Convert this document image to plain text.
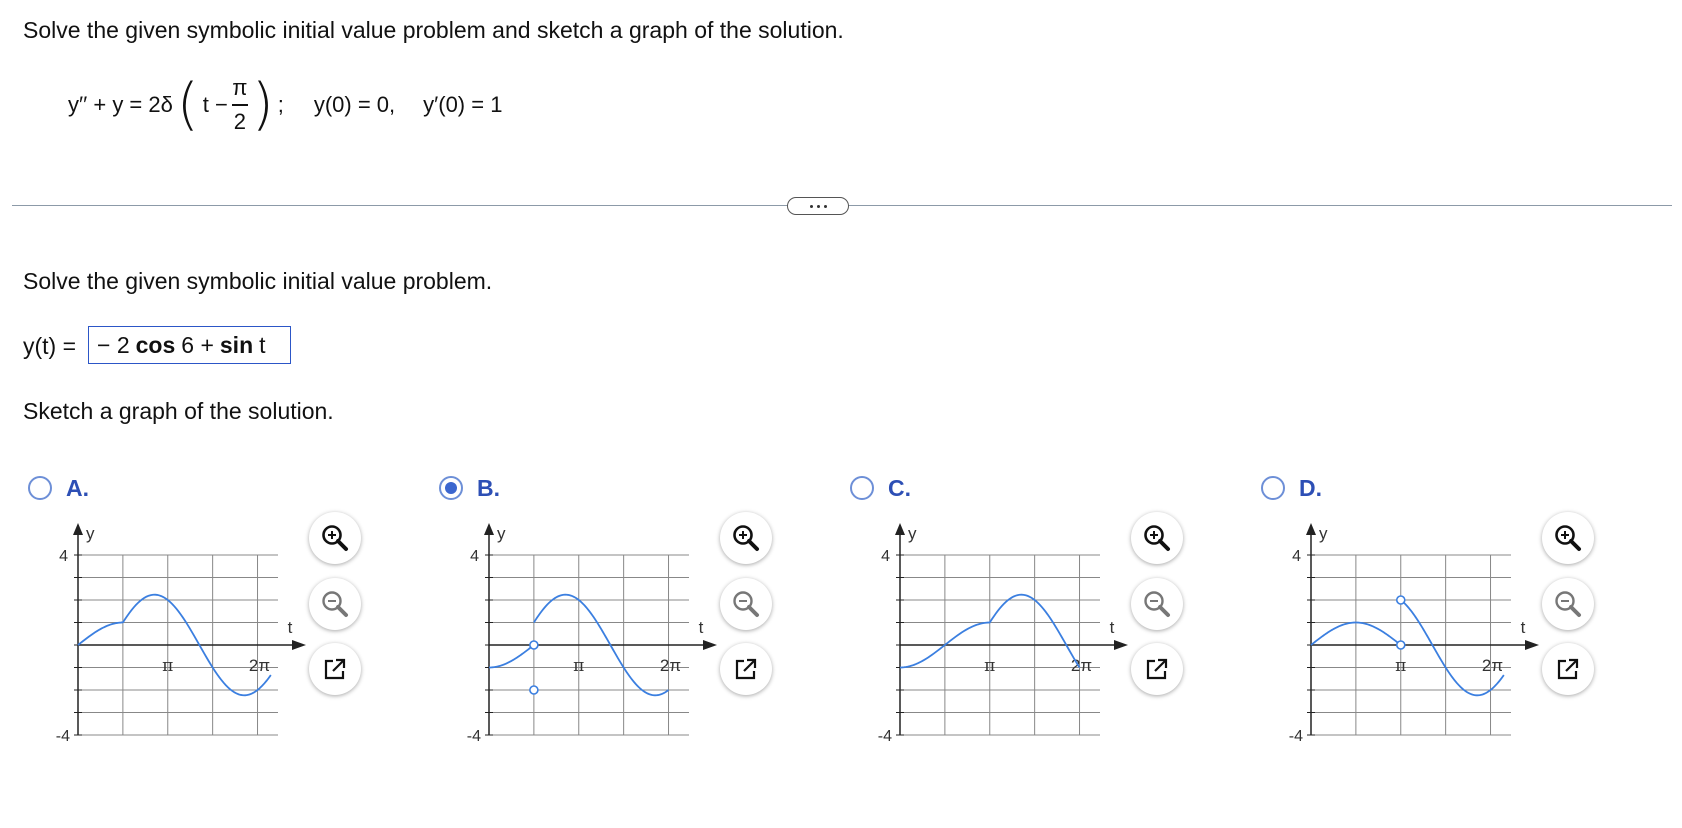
Solve the given symbolic initial value problem and sketch a graph of the solution.
y′′ + y = 2δ ( $t - \frac{\pi}{2}$ ) ; y(0) = 0, y′(0) = 1
Solve the given symbolic initial value problem.
y(t) = − 2 cos 6 + sin t
Sketch a graph of the solution.
A.	B.	C.	D.
y
4
-4
t
π	2π
y
4
-4
t
π	2π
y
4
-4
t
π	2π
y
4
-4
t
π	2π
